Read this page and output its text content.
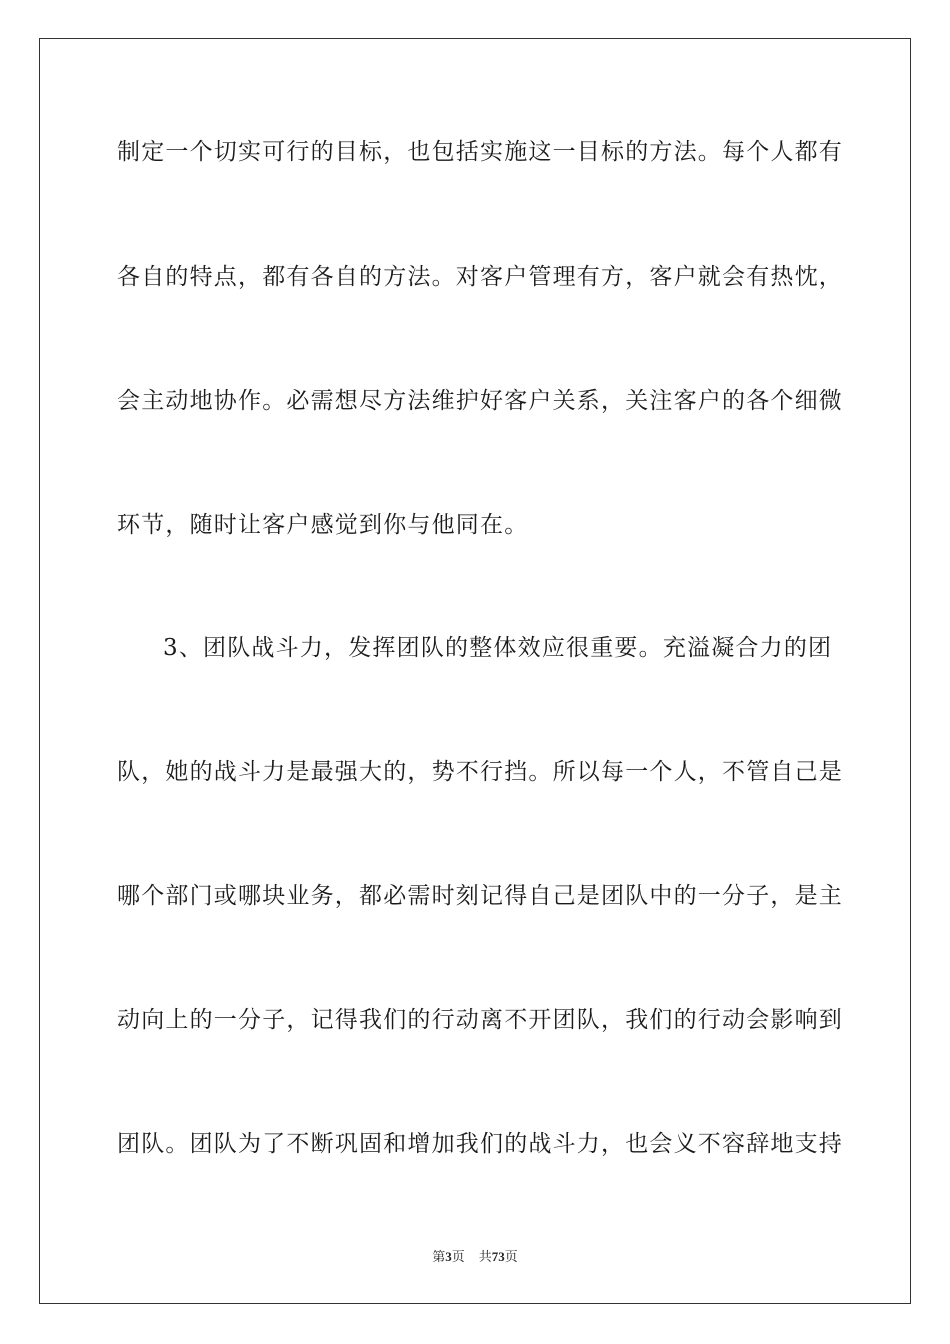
制定一个切实可行的目标，也包括实施这一目标的方法。每个人都有
各自的特点，都有各自的方法。对客户管理有方，客户就会有热忱，
会主动地协作。必需想尽方法维护好客户关系，关注客户的各个细微
环节，随时让客户感觉到你与他同在。
3、团队战斗力，发挥团队的整体效应很重要。充溢凝合力的团
队，她的战斗力是最强大的，势不行挡。所以每一个人，不管自己是
哪个部门或哪块业务，都必需时刻记得自己是团队中的一分子，是主
动向上的一分子，记得我们的行动离不开团队，我们的行动会影响到
团队。团队为了不断巩固和增加我们的战斗力，也会义不容辞地支持
第3页 共73页
